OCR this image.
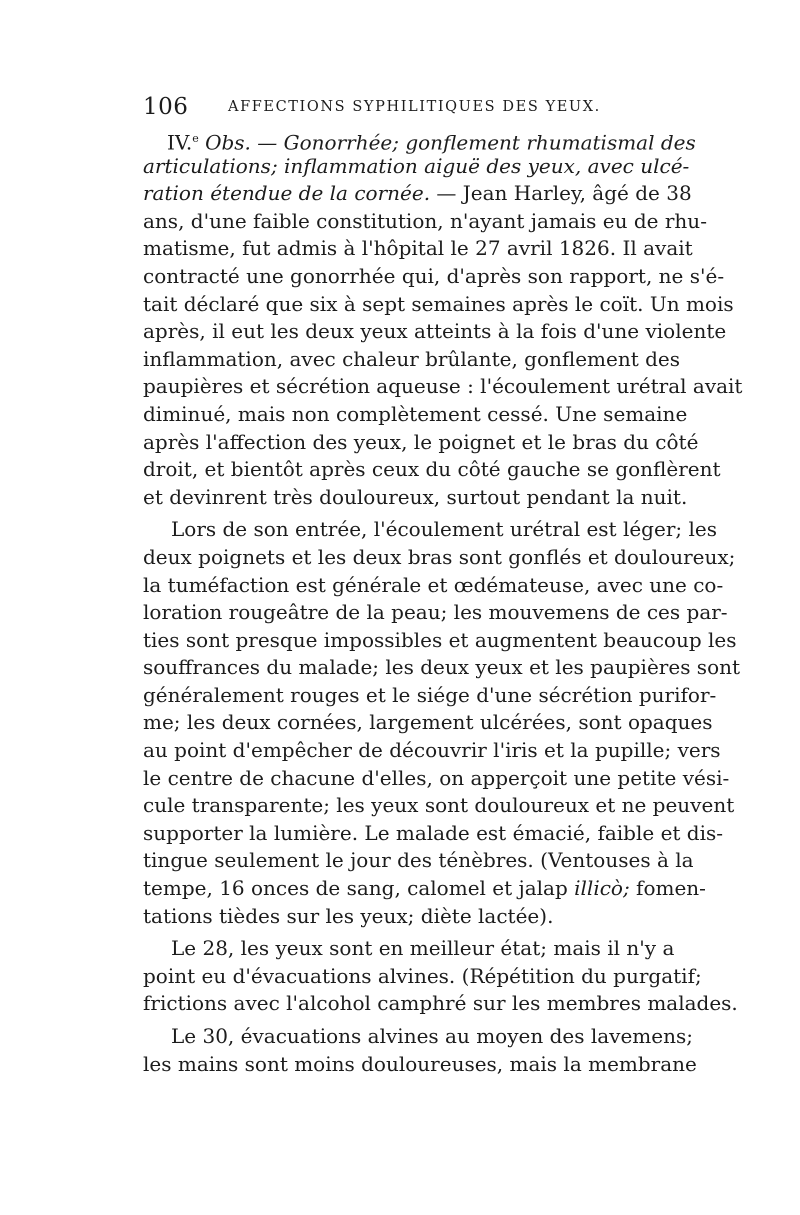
106	AFFECTIONS SYPHILITIQUES DES YEUX.
IV.$^e$ Obs. — Gonorrhée; gonflement rhumatismal des
articulations; inflammation aiguë des yeux, avec ulcé-
ration étendue de la cornée. — Jean Harley, âgé de 38
ans, d'une faible constitution, n'ayant jamais eu de rhu-
matisme, fut admis à l'hôpital le 27 avril 1826. Il avait
contracté une gonorrhée qui, d'après son rapport, ne s'é-
tait déclaré que six à sept semaines après le coït. Un mois
après, il eut les deux yeux atteints à la fois d'une violente
inflammation, avec chaleur brûlante, gonflement des
paupières et sécrétion aqueuse : l'écoulement urétral avait
diminué, mais non complètement cessé. Une semaine
après l'affection des yeux, le poignet et le bras du côté
droit, et bientôt après ceux du côté gauche se gonflèrent
et devinrent très douloureux, surtout pendant la nuit.
Lors de son entrée, l'écoulement urétral est léger; les
deux poignets et les deux bras sont gonflés et douloureux;
la tuméfaction est générale et œdémateuse, avec une co-
loration rougeâtre de la peau; les mouvemens de ces par-
ties sont presque impossibles et augmentent beaucoup les
souffrances du malade; les deux yeux et les paupières sont
généralement rouges et le siége d'une sécrétion purifor-
me; les deux cornées, largement ulcérées, sont opaques
au point d'empêcher de découvrir l'iris et la pupille; vers
le centre de chacune d'elles, on apperçoit une petite vési-
cule transparente; les yeux sont douloureux et ne peuvent
supporter la lumière. Le malade est émacié, faible et dis-
tingue seulement le jour des ténèbres. (Ventouses à la
tempe, 16 onces de sang, calomel et jalap illicò; fomen-
tations tièdes sur les yeux; diète lactée).
Le 28, les yeux sont en meilleur état; mais il n'y a
point eu d'évacuations alvines. (Répétition du purgatif;
frictions avec l'alcohol camphré sur les membres malades.
Le 30, évacuations alvines au moyen des lavemens;
les mains sont moins douloureuses, mais la membrane
